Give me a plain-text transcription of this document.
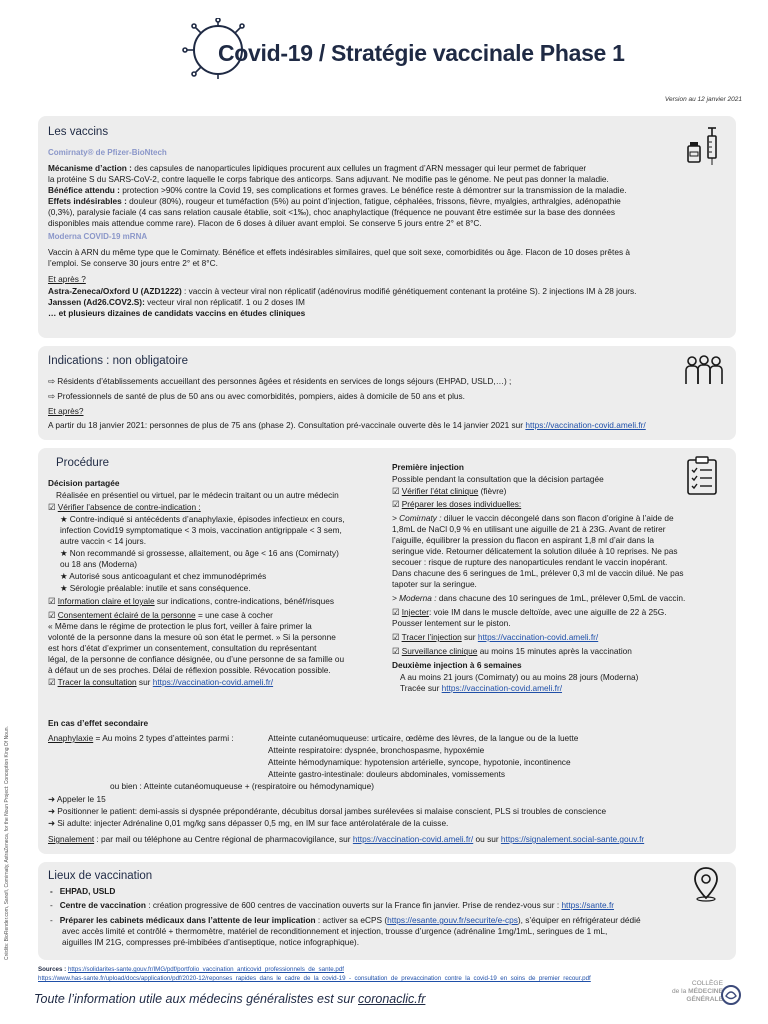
Covid-19 / Stratégie vaccinale Phase 1
Version au 12 janvier 2021
Crédits: BioRender.com, Sanofi, Comirnaty, AstraZeneca, for the Noun Project: Conception King Of Noun.
Les vaccins
Comirnaty® de Pfizer-BioNtech
Mécanisme d’action : des capsules de nanoparticules lipidiques procurent aux cellules un fragment d’ARN messager qui leur permet de fabriquer
la protéine S du SARS-CoV-2, contre laquelle le corps fabrique des anticorps. Sans adjuvant. Ne modifie pas le génome. Ne peut pas donner la maladie.
Bénéfice attendu : protection >90% contre la Covid 19, ses complications et formes graves. Le bénéfice reste à démontrer sur la transmission de la maladie.
Effets indésirables : douleur (80%), rougeur et tuméfaction (5%) au point d’injection, fatigue, céphalées, frissons, fièvre, myalgies, arthralgies, adénopathie
(0,3%), paralysie faciale (4 cas sans relation causale établie, soit <1‰), choc anaphylactique (fréquence ne pouvant être estimée sur la base des données
disponibles mais attendue comme rare). Flacon de 6 doses à diluer avant emploi. Se conserve 5 jours entre 2° et 8°C.
Moderna COVID-19 mRNA
Vaccin à ARN du même type que le Comirnaty. Bénéfice et effets indésirables similaires, quel que soit sexe, comorbidités ou âge. Flacon de 10 doses prêtes à
l’emploi. Se conserve 30 jours entre 2° et 8°C.
Et après ?
Astra-Zeneca/Oxford U (AZD1222) : vaccin à vecteur viral non réplicatif (adénovirus modifié génétiquement contenant la protéine S). 2 injections IM à 28 jours.
Janssen (Ad26.COV2.S): vecteur viral non réplicatif. 1 ou 2 doses IM
… et plusieurs dizaines de candidats vaccins en études cliniques
Indications : non obligatoire
⇨ Résidents d’établissements accueillant des personnes âgées et résidents en services de longs séjours (EHPAD, USLD,…) ;
⇨ Professionnels de santé de plus de 50 ans ou avec comorbidités, pompiers, aides à domicile de 50 ans et plus.
Et après?
A partir du 18 janvier 2021: personnes de plus de 75 ans (phase 2). Consultation pré-vaccinale ouverte dès le 14 janvier 2021 sur https://vaccination-covid.ameli.fr/
Procédure
Décision partagée
Réalisée en présentiel ou virtuel, par le médecin traitant ou un autre médecin
☑ Vérifier l’absence de contre-indication :
★ Contre-indiqué si antécédents d’anaphylaxie, épisodes infectieux en cours,
infection Covid19 symptomatique < 3 mois, vaccination antigrippale < 3 sem,
autre vaccin < 14 jours.
★ Non recommandé si grossesse, allaitement, ou âge < 16 ans (Comirnaty)
ou 18 ans (Moderna)
★ Autorisé sous anticoagulant et chez immunodéprimés
★ Sérologie préalable: inutile et sans conséquence.
☑ Information claire et loyale sur indications, contre-indications, bénéf/risques
☑ Consentement éclairé de la personne = une case à cocher
« Même dans le régime de protection le plus fort, veiller à faire primer la
volonté de la personne dans la mesure où son état le permet. » Si la personne
est hors d’état d’exprimer un consentement, consultation du représentant
légal, de la personne de confiance désignée, ou d’une personne de sa famille ou
à défaut un de ses proches. Délai de réflexion possible. Révocation possible.
☑ Tracer la consultation sur https://vaccination-covid.ameli.fr/
Première injection
Possible pendant la consultation que la décision partagée
☑ Vérifier l’état clinique (fièvre)
☑ Préparer les doses individuelles:
> Comirnaty : diluer le vaccin décongelé dans son flacon d’origine à l’aide de
1,8mL de NaCl 0,9 % en utilisant une aiguille de 21 à 23G. Avant de retirer
l’aiguille, équilibrer la pression du flacon en aspirant 1,8 ml d’air dans la
seringue vide. Retourner délicatement la solution diluée à 10 reprises. Ne pas
secouer : risque de rupture des nanoparticules rendant le vaccin inopérant.
Dans chacune des 6 seringues de 1mL, prélever 0,3 ml de vaccin dilué. Ne pas
tapoter sur la seringue.
> Moderna : dans chacune des 10 seringues de 1mL, prélever 0,5mL de vaccin.
☑ Injecter: voie IM dans le muscle deltoïde, avec une aiguille de 22 à 25G.
Pousser lentement sur le piston.
☑ Tracer l’injection sur https://vaccination-covid.ameli.fr/
☑ Surveillance clinique au moins 15 minutes après la vaccination
Deuxième injection à 6 semaines
A au moins 21 jours (Comirnaty) ou au moins 28 jours (Moderna)
Tracée sur https://vaccination-covid.ameli.fr/
En cas d’effet secondaire
Anaphylaxie = Au moins 2 types d’atteintes parmi :	Atteinte cutanéomuqueuse: urticaire, œdème des lèvres, de la langue ou de la luette
Atteinte respiratoire: dyspnée, bronchospasme, hypoxémie
Atteinte hémodynamique: hypotension artérielle, syncope, hypotonie, incontinence
Atteinte gastro-intestinale: douleurs abdominales, vomissements
ou bien : Atteinte cutanéomuqueuse + (respiratoire ou hémodynamique)
➜ Appeler le 15
➜ Positionner le patient: demi-assis si dyspnée prépondérante, décubitus dorsal jambes surélevées si malaise conscient, PLS si troubles de conscience
➜ Si adulte: injecter Adrénaline 0,01 mg/kg sans dépasser 0,5 mg, en IM sur face antérolatérale de la cuisse.
Signalement : par mail ou téléphone au Centre régional de pharmacovigilance, sur https://vaccination-covid.ameli.fr/ ou sur https://signalement.social-sante.gouv.fr
Lieux de vaccination
-   EHPAD, USLD
-   Centre de vaccination : création progressive de 600 centres de vaccination ouverts sur la France fin janvier. Prise de rendez-vous sur : https://sante.fr
-   Préparer les cabinets médicaux dans l’attente de leur implication : activer sa eCPS (https://esante.gouv.fr/securite/e-cps), s’équiper en réfrigérateur dédié
avec accès limité et contrôlé + thermomètre, matériel de reconditionnement et injection, trousse d’urgence (adrénaline 1mg/1mL, seringues de 1 mL,
aiguilles IM 21G, compresses pré-imbibées d’antiseptique, notice infographique).
Sources : https://solidarites-sante.gouv.fr/IMG/pdf/portfolio_vaccination_anticovid_professionnels_de_sante.pdf
https://www.has-sante.fr/upload/docs/application/pdf/2020-12/reponses_rapides_dans_le_cadre_de_la_covid-19_-_consultation_de_prevaccination_contre_la_covid-19_en_soins_de_premier_recour.pdf
Toute l’information utile aux médecins généralistes est sur coronaclic.fr
COLLÈGE
de la MÉDECINE
GÉNÉRALE
